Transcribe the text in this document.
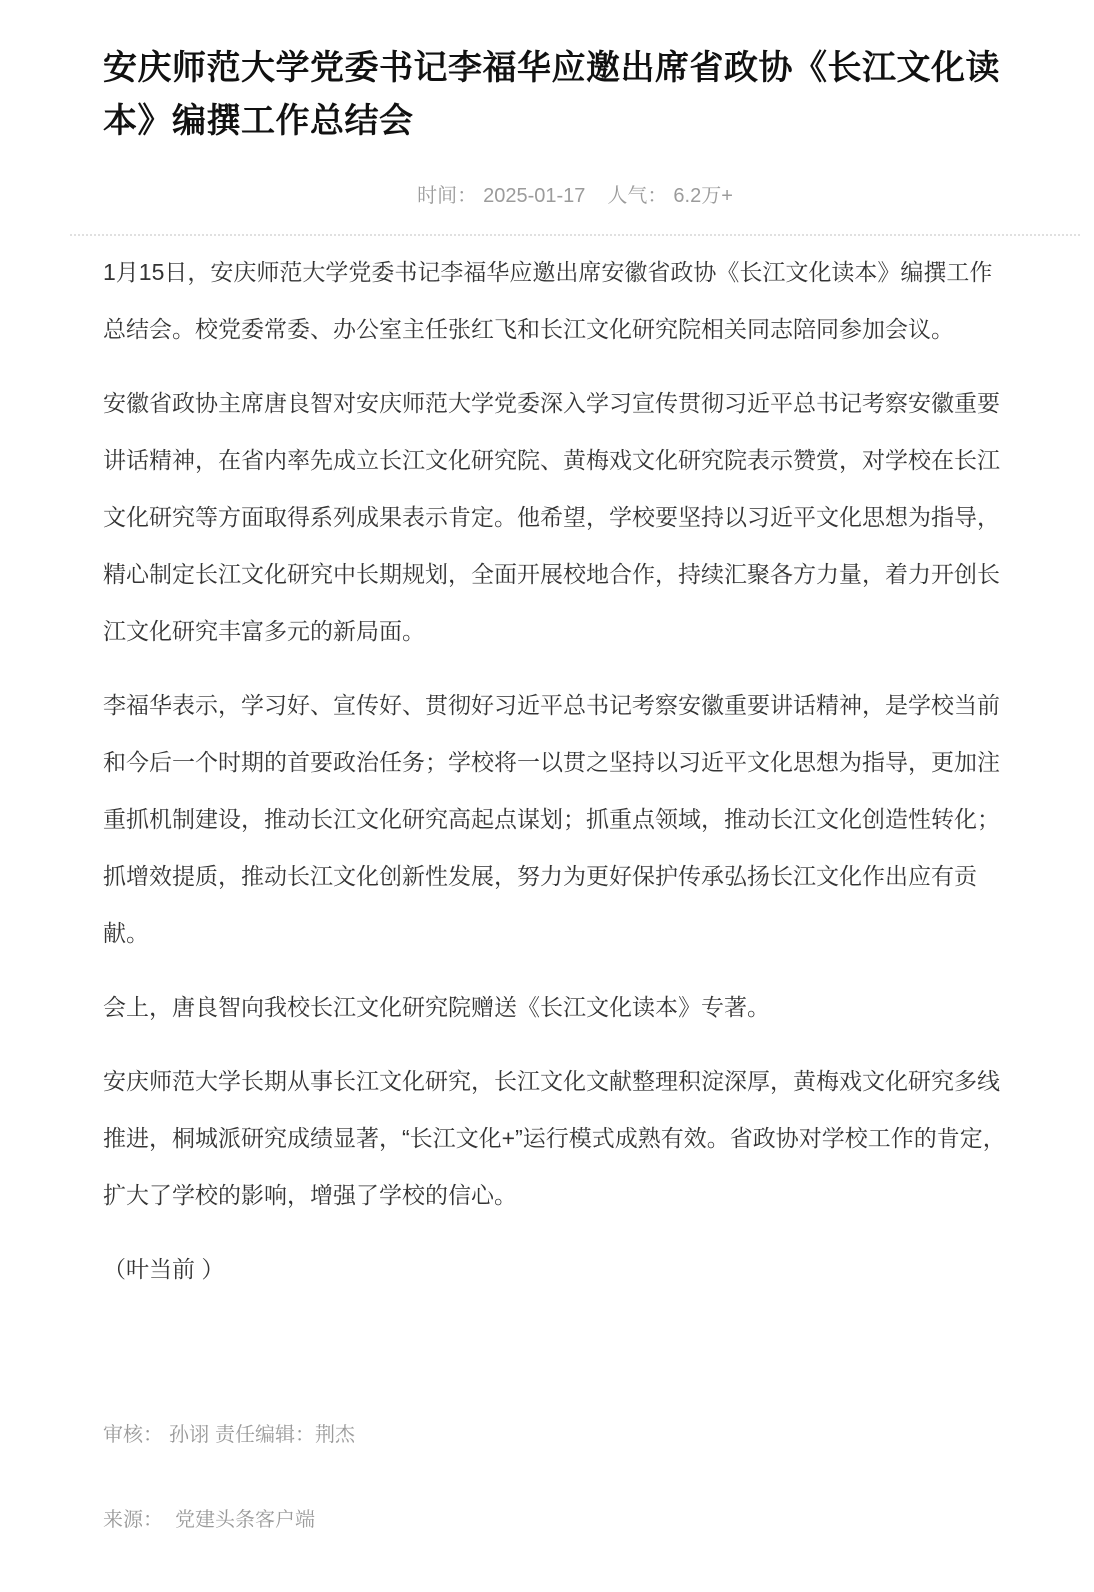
安庆师范大学党委书记李福华应邀出席省政协《长江文化读本》编撰工作总结会
时间： 2025-01-17 人气： 6.2万+

1月15日，安庆师范大学党委书记李福华应邀出席安徽省政协《长江文化读本》编撰工作总结会。校党委常委、办公室主任张红飞和长江文化研究院相关同志陪同参加会议。

安徽省政协主席唐良智对安庆师范大学党委深入学习宣传贯彻习近平总书记考察安徽重要讲话精神，在省内率先成立长江文化研究院、黄梅戏文化研究院表示赞赏，对学校在长江文化研究等方面取得系列成果表示肯定。他希望，学校要坚持以习近平文化思想为指导，精心制定长江文化研究中长期规划，全面开展校地合作，持续汇聚各方力量，着力开创长江文化研究丰富多元的新局面。

李福华表示，学习好、宣传好、贯彻好习近平总书记考察安徽重要讲话精神，是学校当前和今后一个时期的首要政治任务；学校将一以贯之坚持以习近平文化思想为指导，更加注重抓机制建设，推动长江文化研究高起点谋划；抓重点领域，推动长江文化创造性转化；抓增效提质，推动长江文化创新性发展，努力为更好保护传承弘扬长江文化作出应有贡献。

会上，唐良智向我校长江文化研究院赠送《长江文化读本》专著。

安庆师范大学长期从事长江文化研究，长江文化文献整理积淀深厚，黄梅戏文化研究多线推进，桐城派研究成绩显著，“长江文化+”运行模式成熟有效。省政协对学校工作的肯定，扩大了学校的影响，增强了学校的信心。

（叶当前 ）

审核： 孙诩 责任编辑：荆杰
来源： 党建头条客户端
